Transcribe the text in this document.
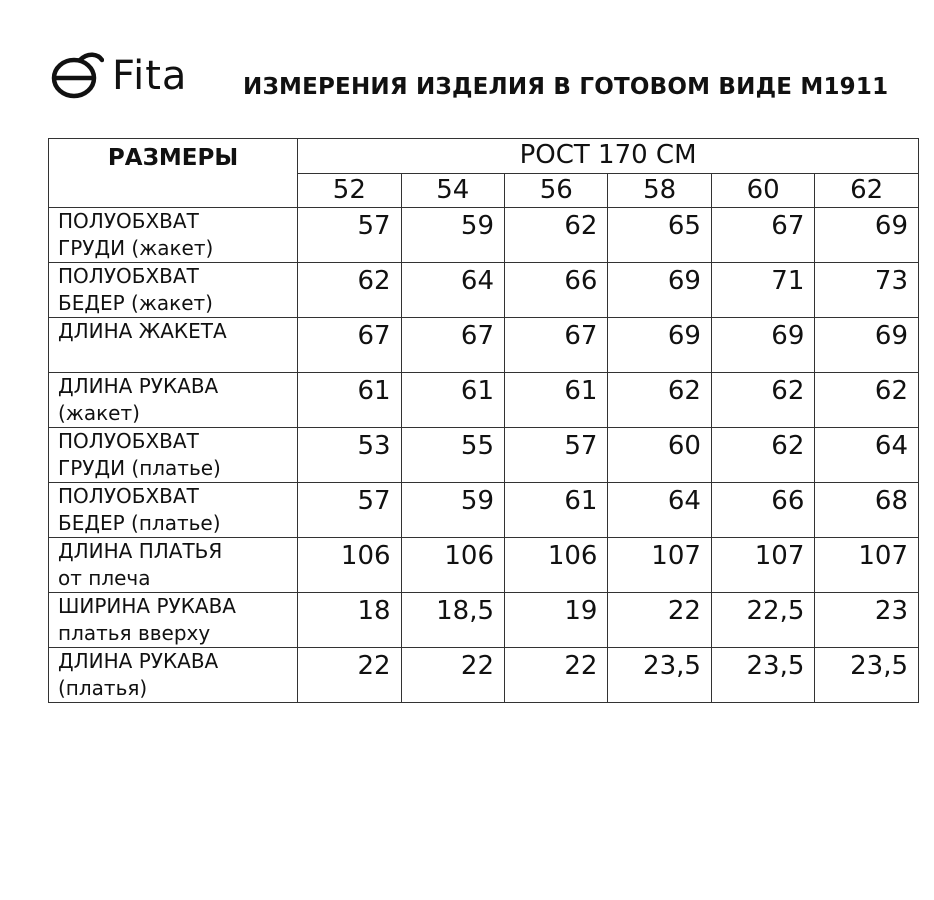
Fita ИЗМЕРЕНИЯ ИЗДЕЛИЯ В ГОТОВОМ ВИДЕ М1911
РАЗМЕРЫ	РОСТ 170 СМ					
	52	54	56	58	60	62

ПОЛУОБХВАТ
ГРУДИ (жакет)	57	59	62	65	67	69

ПОЛУОБХВАТ
БЕДЕР (жакет)	62	64	66	69	71	73

ДЛИНА ЖАКЕТА	67	67	67	69	69	69

ДЛИНА РУКАВА
(жакет)	61	61	61	62	62	62

ПОЛУОБХВАТ
ГРУДИ (платье)	53	55	57	60	62	64

ПОЛУОБХВАТ
БЕДЕР (платье)	57	59	61	64	66	68

ДЛИНА ПЛАТЬЯ
от плеча	106	106	106	107	107	107

ШИРИНА РУКАВА
платья вверху	18	18,5	19	22	22,5	23

ДЛИНА РУКАВА
(платья)	22	22	22	23,5	23,5	23,5
